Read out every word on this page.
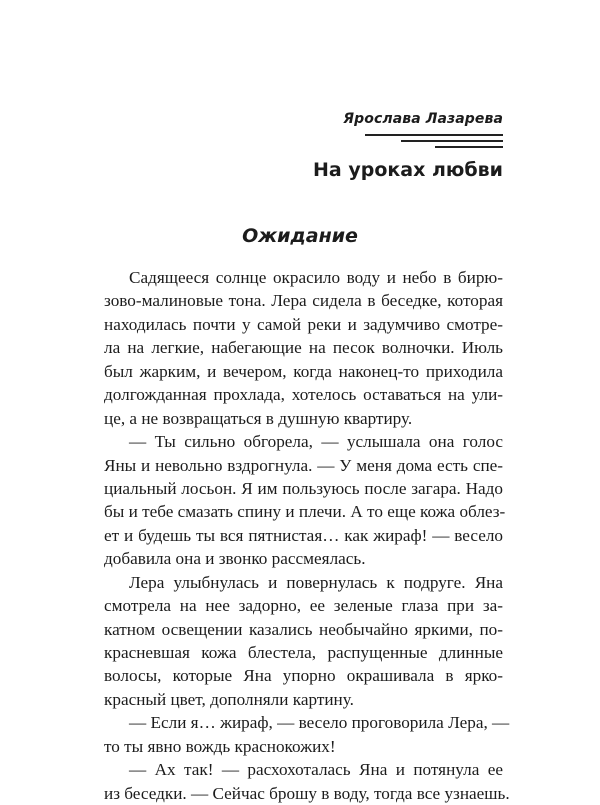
Ярослава Лазарева
На уроках любви
Ожидание
Садящееся солнце окрасило воду и небо в бирю-
зово-малиновые тона. Лера сидела в беседке, которая
находилась почти у самой реки и задумчиво смотре-
ла на легкие, набегающие на песок волночки. Июль
был жарким, и вечером, когда наконец-то приходила
долгожданная прохлада, хотелось оставаться на ули-
це, а не возвращаться в душную квартиру.
— Ты сильно обгорела, — услышала она голос
Яны и невольно вздрогнула. — У меня дома есть спе-
циальный лосьон. Я им пользуюсь после загара. Надо
бы и тебе смазать спину и плечи. А то еще кожа облез-
ет и будешь ты вся пятнистая… как жираф! — весело
добавила она и звонко рассмеялась.
Лера улыбнулась и повернулась к подруге. Яна
смотрела на нее задорно, ее зеленые глаза при за-
катном освещении казались необычайно яркими, по-
красневшая кожа блестела, распущенные длинные
волосы, которые Яна упорно окрашивала в ярко-
красный цвет, дополняли картину.
— Если я… жираф, — весело проговорила Лера, —
то ты явно вождь краснокожих!
— Ах так! — расхохоталась Яна и потянула ее
из беседки. — Сейчас брошу в воду, тогда все узнаешь.
